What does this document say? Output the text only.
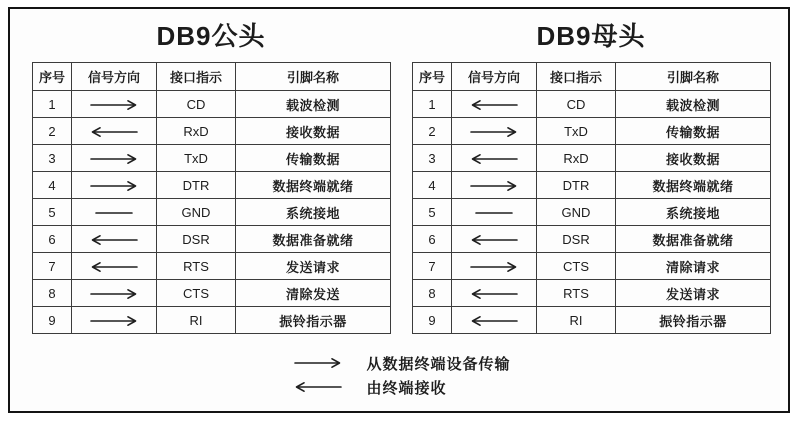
DB9公头
序号	信号方向	接口指示	引脚名称
1		CD	载波检测
2		RxD	接收数据
3		TxD	传输数据
4		DTR	数据终端就绪
5		GND	系统接地
6		DSR	数据准备就绪
7		RTS	发送请求
8		CTS	清除发送
9		RI	振铃指示器
DB9母头
序号	信号方向	接口指示	引脚名称
1		CD	载波检测
2		TxD	传输数据
3		RxD	接收数据
4		DTR	数据终端就绪
5		GND	系统接地
6		DSR	数据准备就绪
7		CTS	清除请求
8		RTS	发送请求
9		RI	振铃指示器
从数据终端设备传输
由终端接收
